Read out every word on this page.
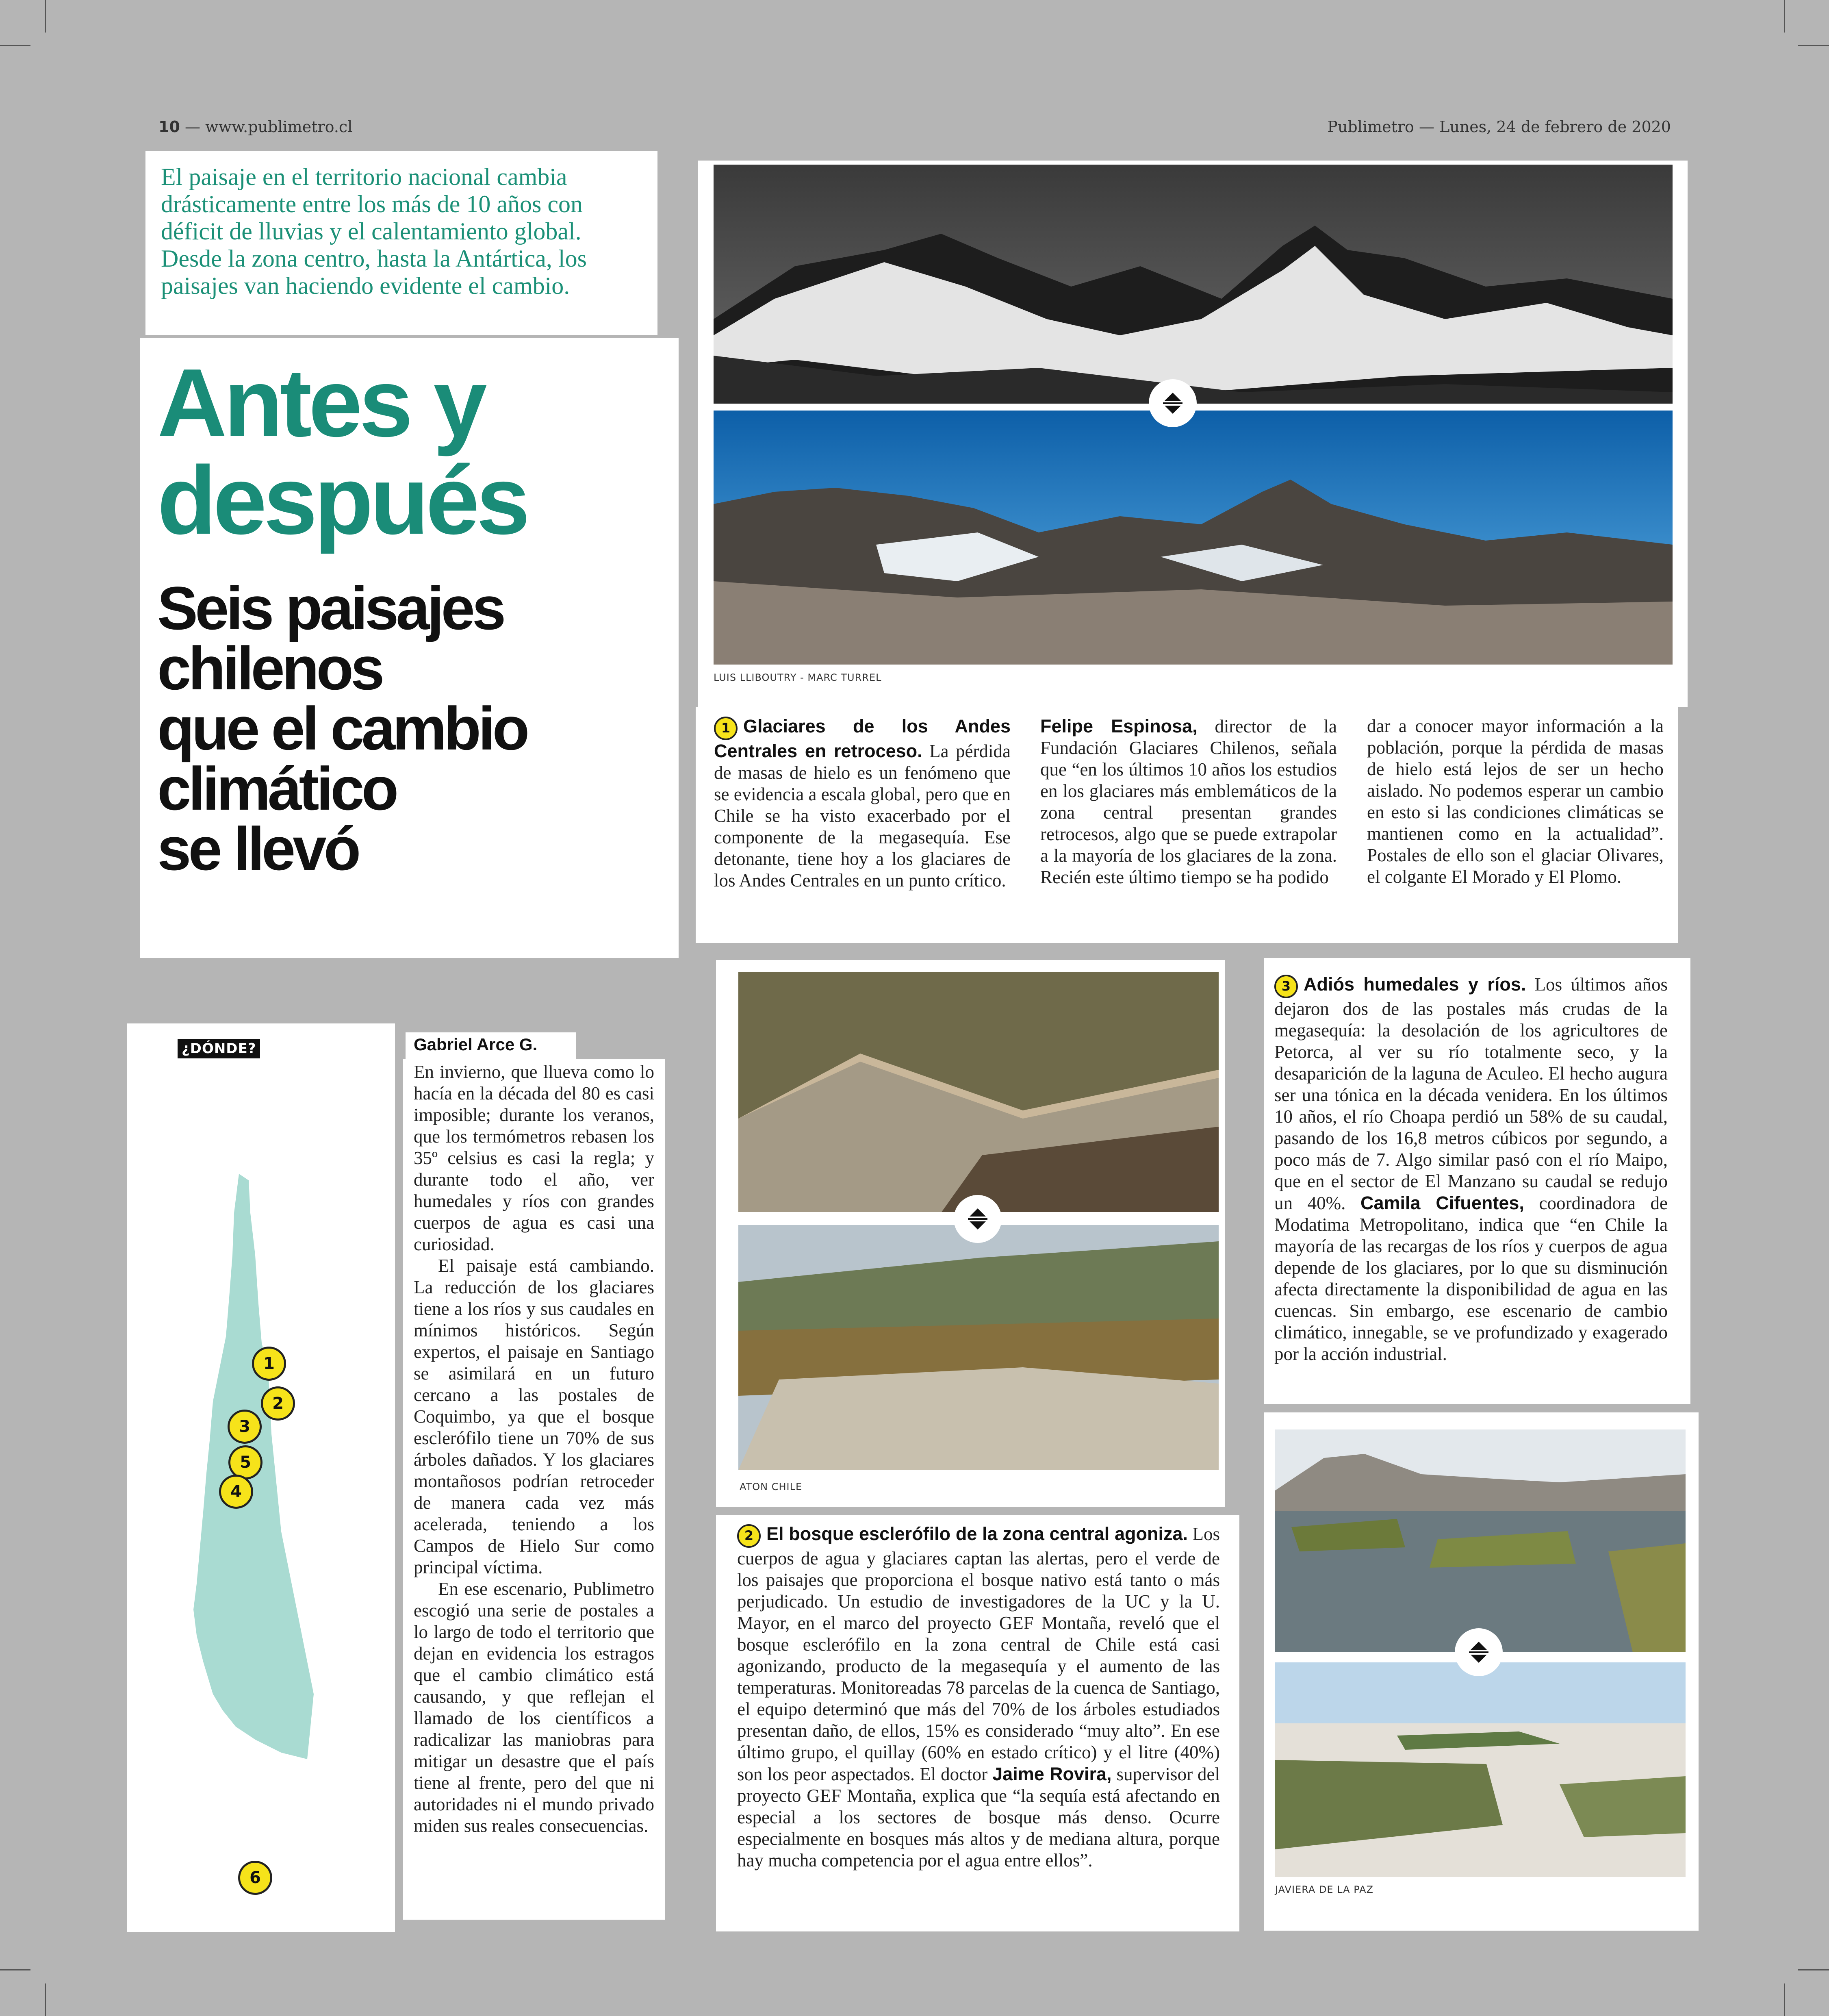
10 — www.publimetro.cl	Publimetro — Lunes, 24 de febrero de 2020
El paisaje en el territorio nacional cambia drásticamente entre los más de 10 años con déficit de lluvias y el calentamiento global. Desde la zona centro, hasta la Antártica, los paisajes van haciendo evidente el cambio.
Antes y
después
Seis paisajes
chilenos
que el cambio
climático
se llevó
LUIS LLIBOUTRY - MARC TURREL

1 Glaciares de los Andes Centrales en retroceso. La pérdida de masas de hielo es un fenómeno que se evidencia a escala global, pero que en Chile se ha visto exacerbado por el componente de la megasequía. Ese detonante, tiene hoy a los glaciares de los Andes Centrales en un punto crítico.

Felipe Espinosa, director de la Fundación Glaciares Chilenos, señala que “en los últimos 10 años los estudios en los glaciares más emblemáticos de la zona central presentan grandes retrocesos, algo que se puede extrapolar a la mayoría de los glaciares de la zona. Recién este último tiempo se ha podido

dar a conocer mayor información a la población, porque la pérdida de masas de hielo está lejos de ser un hecho aislado. No podemos esperar un cambio en esto si las condiciones climáticas se mantienen como en la actualidad”. Postales de ello son el glaciar Olivares, el colgante El Morado y El Plomo.

¿DÓNDE?
1
2
3
5
4
6
Gabriel Arce G.

En invierno, que llueva como lo hacía en la década del 80 es casi imposible; durante los veranos, que los termómetros rebasen los 35º celsius es casi la regla; y durante todo el año, ver humedales y ríos con grandes cuerpos de agua es casi una curiosidad.

El paisaje está cambiando. La reducción de los glaciares tiene a los ríos y sus caudales en mínimos históricos. Según expertos, el paisaje en Santiago se asimilará en un futuro cercano a las postales de Coquimbo, ya que el bosque esclerófilo tiene un 70% de sus árboles dañados. Y los glaciares montañosos podrían retroceder de manera cada vez más acelerada, teniendo a los Campos de Hielo Sur como principal víctima.

En ese escenario, Publimetro escogió una serie de postales a lo largo de todo el territorio que dejan en evidencia los estragos que el cambio climático está causando, y que reflejan el llamado de los científicos a radicalizar las maniobras para mitigar un desastre que el país tiene al frente, pero del que ni autoridades ni el mundo privado miden sus reales consecuencias.

ATON CHILE

2 El bosque esclerófilo de la zona central agoniza. Los cuerpos de agua y glaciares captan las alertas, pero el verde de los paisajes que proporciona el bosque nativo está tanto o más perjudicado. Un estudio de investigadores de la UC y la U. Mayor, en el marco del proyecto GEF Montaña, reveló que el bosque esclerófilo en la zona central de Chile está casi agonizando, producto de la megasequía y el aumento de las temperaturas. Monitoreadas 78 parcelas de la cuenca de Santiago, el equipo determinó que más del 70% de los árboles estudiados presentan daño, de ellos, 15% es considerado “muy alto”. En ese último grupo, el quillay (60% en estado crítico) y el litre (40%) son los peor aspectados. El doctor Jaime Rovira, supervisor del proyecto GEF Montaña, explica que “la sequía está afectando en especial a los sectores de bosque más denso. Ocurre especialmente en bosques más altos y de mediana altura, porque hay mucha competencia por el agua entre ellos”.

3 Adiós humedales y ríos. Los últimos años dejaron dos de las postales más crudas de la megasequía: la desolación de los agricultores de Petorca, al ver su río totalmente seco, y la desaparición de la laguna de Aculeo. El hecho augura ser una tónica en la década venidera. En los últimos 10 años, el río Choapa perdió un 58% de su caudal, pasando de los 16,8 metros cúbicos por segundo, a poco más de 7. Algo similar pasó con el río Maipo, que en el sector de El Manzano su caudal se redujo un 40%. Camila Cifuentes, coordinadora de Modatima Metropolitano, indica que “en Chile la mayoría de las recargas de los ríos y cuerpos de agua depende de los glaciares, por lo que su disminución afecta directamente la disponibilidad de agua en las cuencas. Sin embargo, ese escenario de cambio climático, innegable, se ve profundizado y exagerado por la acción industrial.

JAVIERA DE LA PAZ
